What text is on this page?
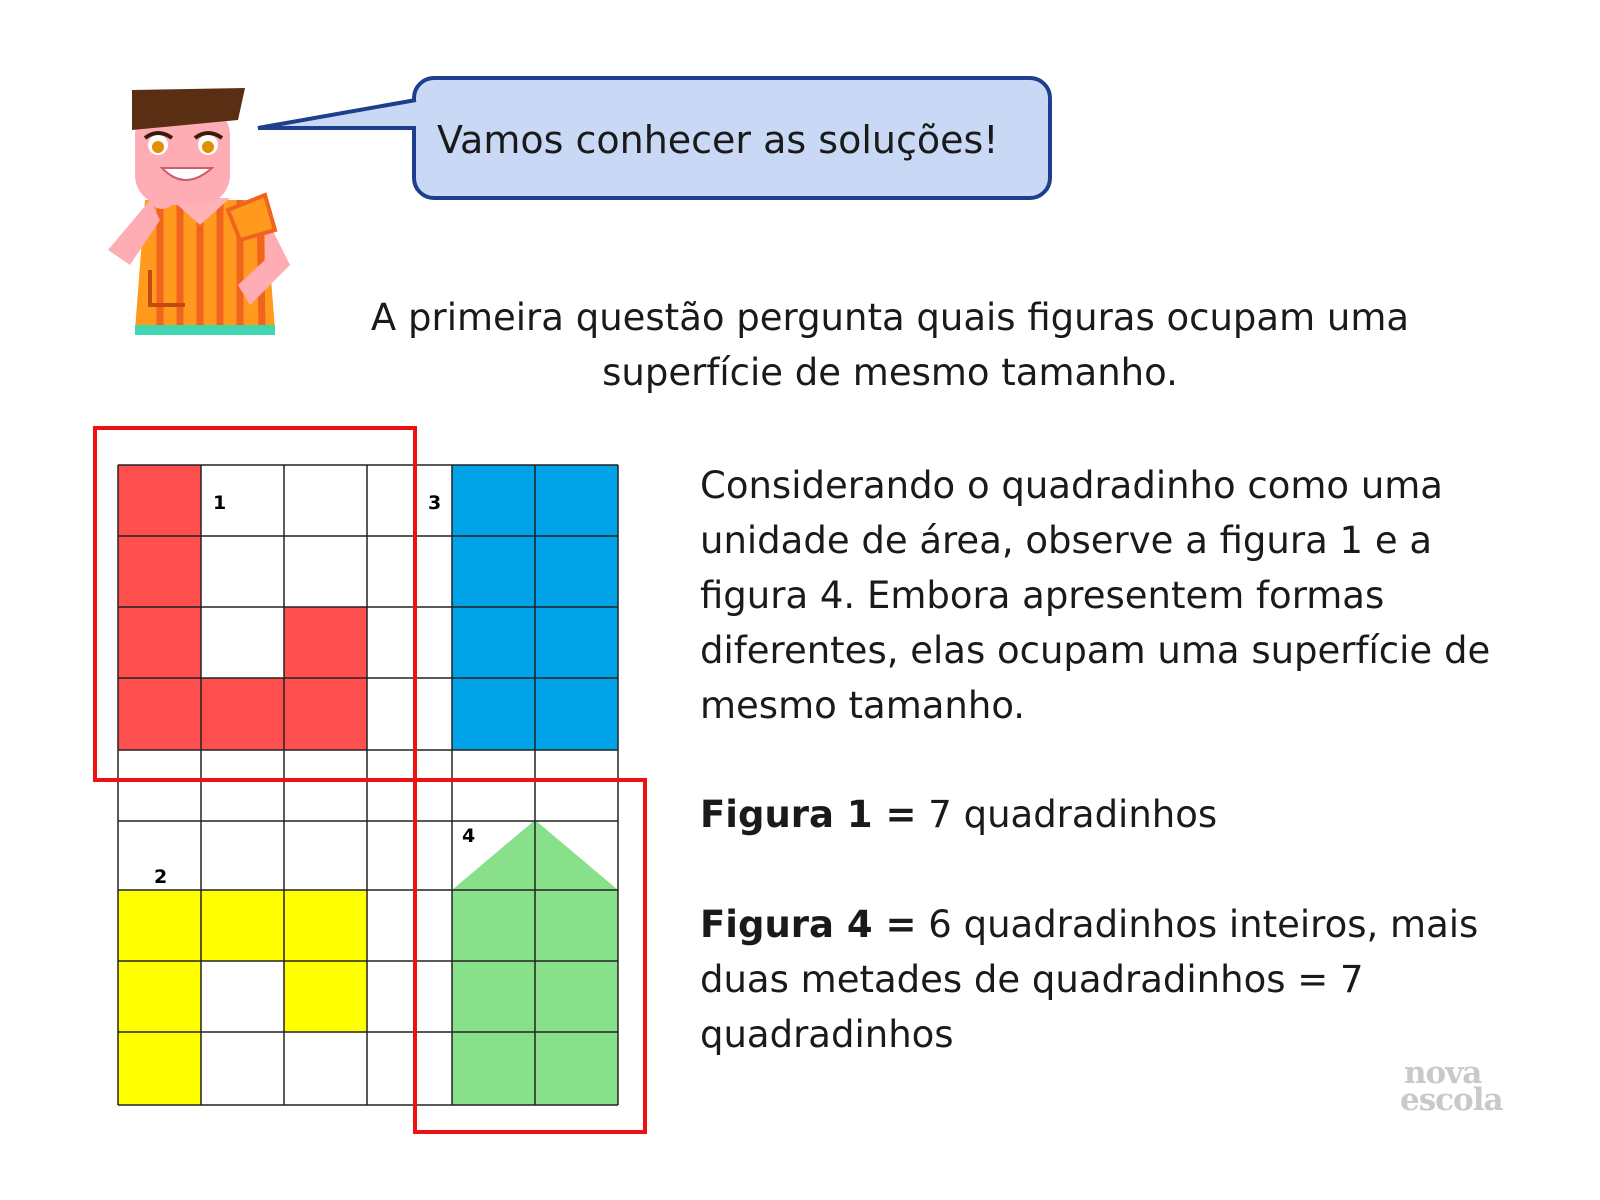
Vamos conhecer as soluções!
A primeira questão pergunta quais figuras ocupam uma superfície de mesmo tamanho.
1
2
3
4
Considerando o quadradinho como uma unidade de área, observe a figura 1 e a figura 4. Embora apresentem formas diferentes, elas ocupam uma superfície de mesmo tamanho.
Figura 1 = 7 quadradinhos
Figura 4 = 6 quadradinhos inteiros, mais duas metades de quadradinhos = 7 quadradinhos
nova
escola
